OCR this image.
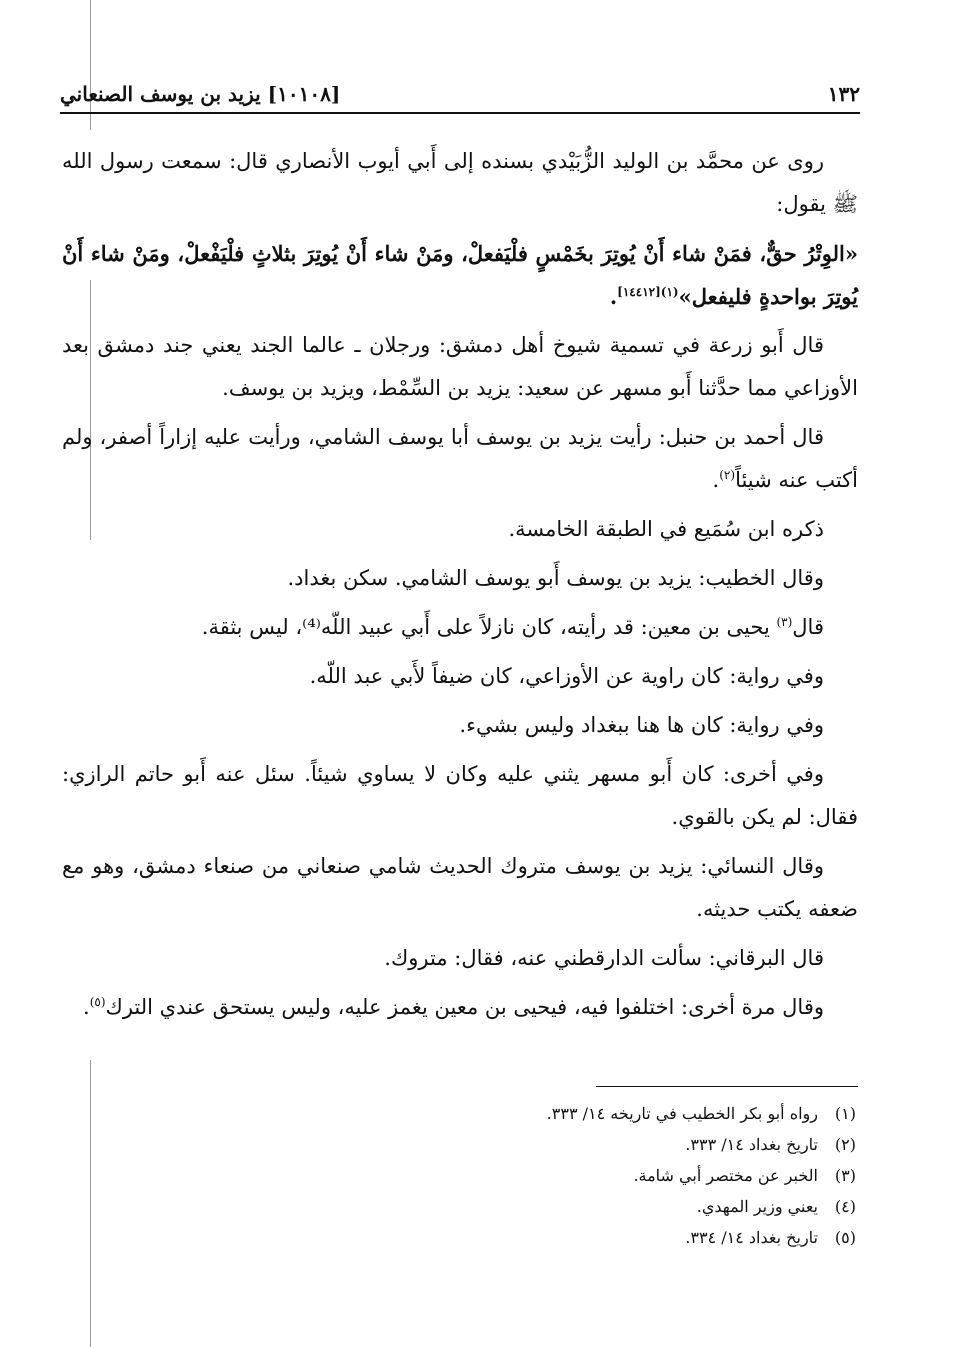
١٣٢
[١٠١٠٨] يزيد بن يوسف الصنعاني

روى عن محمَّد بن الوليد الزُّبَيْدي بسنده إلى أَبي أيوب الأنصاري قال: سمعت رسول الله ﷺ يقول:

«الوِتْرُ حقٌّ، فمَنْ شاء أَنْ يُوتِرَ بخَمْسٍ فلْيَفعلْ، ومَنْ شاء أَنْ يُوتِرَ بثلاثٍ فلْيَفْعلْ، ومَنْ شاء أَنْ يُوتِرَ بواحدةٍ فليفعل»$^{(١)[١٤٤١٢]}$.

قال أَبو زرعة في تسمية شيوخ أهل دمشق: ورجلان ـ عالما الجند يعني جند دمشق بعد الأوزاعي مما حدَّثنا أَبو مسهر عن سعيد: يزيد بن السِّمْط، ويزيد بن يوسف.

قال أحمد بن حنبل: رأيت يزيد بن يوسف أبا يوسف الشامي، ورأيت عليه إزاراً أصفر، ولم أكتب عنه شيئاً$^{(٢)}$.

ذكره ابن سُمَيع في الطبقة الخامسة.

وقال الخطيب: يزيد بن يوسف أَبو يوسف الشامي. سكن بغداد.

قال$^{(٣)}$ يحيى بن معين: قد رأيته، كان نازلاً على أَبي عبيد اللّه⁽⁴⁾، ليس بثقة.

وفي رواية: كان راوية عن الأوزاعي، كان ضيفاً لأَبي عبد اللّه.

وفي رواية: كان ها هنا ببغداد وليس بشيء.

وفي أخرى: كان أَبو مسهر يثني عليه وكان لا يساوي شيئاً. سئل عنه أَبو حاتم الرازي: فقال: لم يكن بالقوي.

وقال النسائي: يزيد بن يوسف متروك الحديث شامي صنعاني من صنعاء دمشق، وهو مع ضعفه يكتب حديثه.

قال البرقاني: سألت الدارقطني عنه، فقال: متروك.

وقال مرة أخرى: اختلفوا فيه، فيحيى بن معين يغمز عليه، وليس يستحق عندي الترك$^{(٥)}$.

(١)
رواه أبو بكر الخطيب في تاريخه ١٤/ ٣٣٣.
(٢)
تاريخ بغداد ١٤/ ٣٣٣.
(٣)
الخبر عن مختصر أبي شامة.
(٤)
يعني وزير المهدي.
(٥)
تاريخ بغداد ١٤/ ٣٣٤.
